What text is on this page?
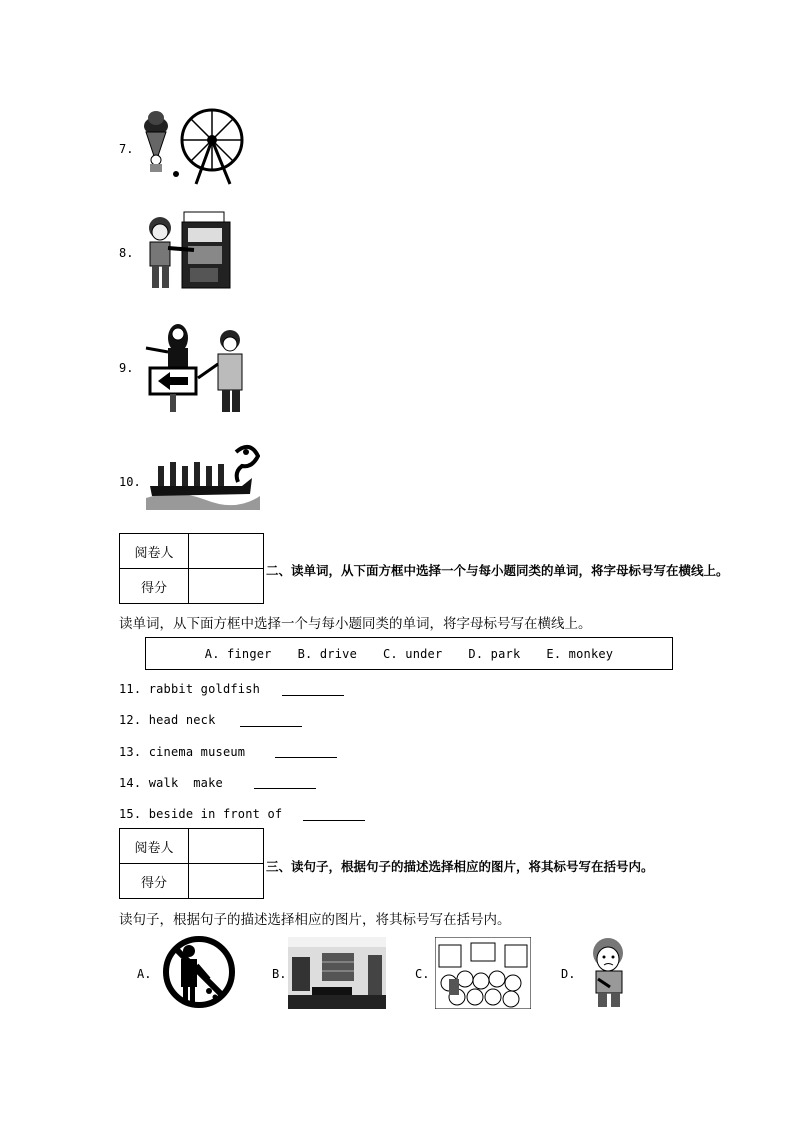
7.
8.
9.
10.
阅卷人	
得分	
二、读单词，从下面方框中选择一个与每小题同类的单词，将字母标号写在横线上。
读单词，从下面方框中选择一个与每小题同类的单词，将字母标号写在横线上。
A. finger B. drive C. under D. park E. monkey
11. rabbit goldfish
12. head neck
13. cinema museum
14. walk  make
15. beside in front of
阅卷人	
得分	
三、读句子，根据句子的描述选择相应的图片，将其标号写在括号内。
读句子，根据句子的描述选择相应的图片，将其标号写在括号内。
A.	B.	C.	D.
